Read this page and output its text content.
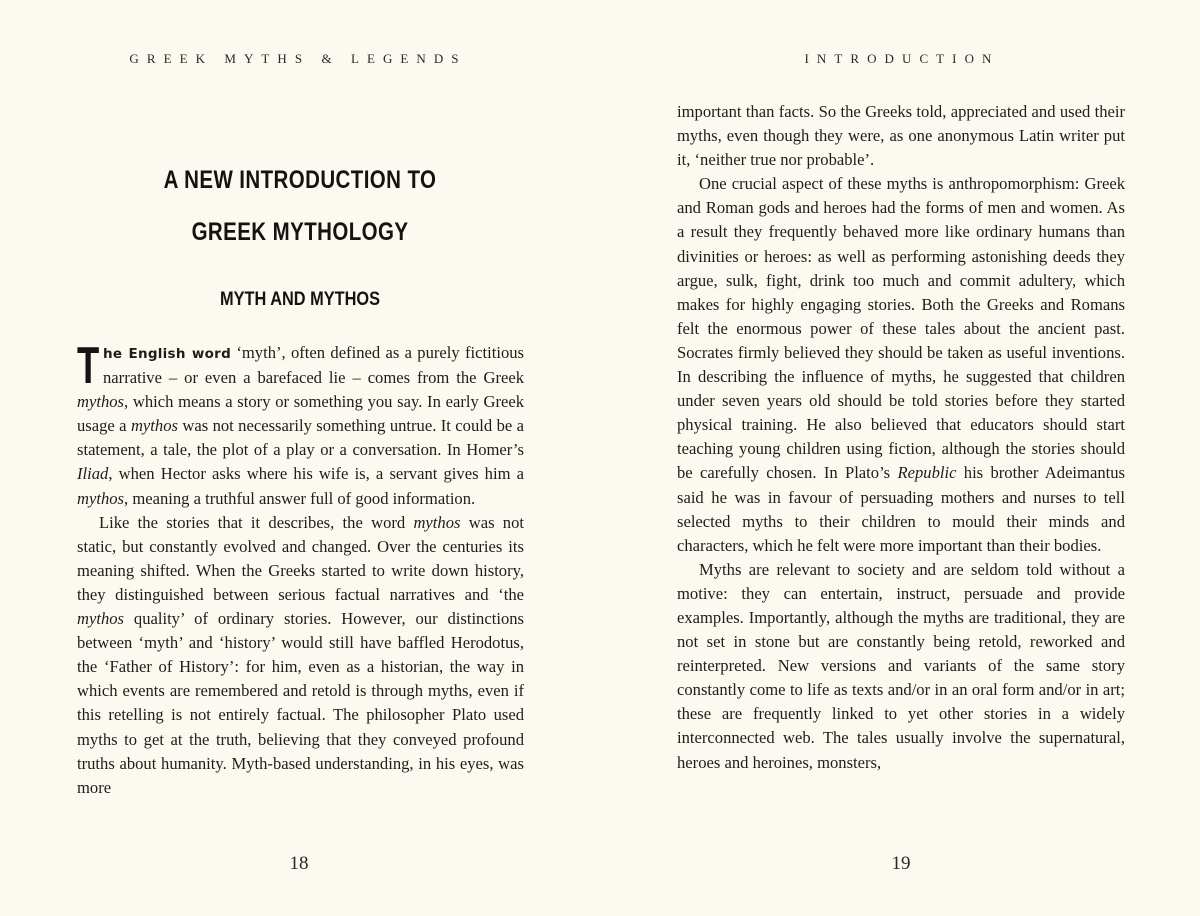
GREEK MYTHS & LEGENDS
A NEW INTRODUCTION TO
GREEK MYTHOLOGY
MYTH AND MYTHOS

The English word ‘myth’, often defined as a purely fictitious narrative – or even a barefaced lie – comes from the Greek mythos, which means a story or something you say. In early Greek usage a mythos was not necessarily something untrue. It could be a statement, a tale, the plot of a play or a conversation. In Homer’s Iliad, when Hector asks where his wife is, a servant gives him a mythos, meaning a truthful answer full of good information.

Like the stories that it describes, the word mythos was not static, but constantly evolved and changed. Over the centuries its meaning shifted. When the Greeks started to write down history, they distinguished between serious factual narratives and ‘the mythos quality’ of ordinary stories. However, our distinctions between ‘myth’ and ‘history’ would still have baffled Herodotus, the ‘Father of History’: for him, even as a historian, the way in which events are remembered and retold is through myths, even if this retelling is not entirely factual. The philosopher Plato used myths to get at the truth, believing that they conveyed profound truths about humanity. Myth-based understanding, in his eyes, was more

18
INTRODUCTION

important than facts. So the Greeks told, appreciated and used their myths, even though they were, as one anonymous Latin writer put it, ‘neither true nor probable’.

One crucial aspect of these myths is anthropomorphism: Greek and Roman gods and heroes had the forms of men and women. As a result they frequently behaved more like ordinary humans than divinities or heroes: as well as performing astonishing deeds they argue, sulk, fight, drink too much and commit adultery, which makes for highly engaging stories. Both the Greeks and Romans felt the enormous power of these tales about the ancient past. Socrates firmly believed they should be taken as useful inventions. In describing the influence of myths, he suggested that children under seven years old should be told stories before they started physical training. He also believed that educators should start teaching young children using fiction, although the stories should be carefully chosen. In Plato’s Republic his brother Adeimantus said he was in favour of persuading mothers and nurses to tell selected myths to their children to mould their minds and characters, which he felt were more important than their bodies.

Myths are relevant to society and are seldom told without a motive: they can entertain, instruct, persuade and provide examples. Importantly, although the myths are traditional, they are not set in stone but are constantly being retold, reworked and reinterpreted. New versions and variants of the same story constantly come to life as texts and/or in an oral form and/or in art; these are frequently linked to yet other stories in a widely interconnected web. The tales usually involve the supernatural, heroes and heroines, monsters,

19
